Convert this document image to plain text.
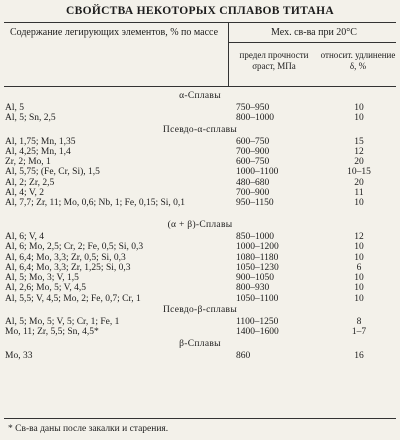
СВОЙСТВА НЕКОТОРЫХ СПЛАВОВ ТИТАНА
Содержание легирующих элементов, % по массе	Мех. св-ва при 20°С
предел прочности σраст, МПа
относит. удлинение δ, %
α-Сплавы
Al, 5	750–950	10
Al, 5; Sn, 2,5	800–1000	10
Псевдо-α-сплавы
Al, 1,75; Mn, 1,35	600–750	15
Al, 4,25; Mn, 1,4	700–900	12
Zr, 2; Mo, 1	600–750	20
Al, 5,75; (Fe, Cr, Si), 1,5	1000–1100	10–15
Al, 2; Zr, 2,5	480–680	20
Al, 4; V, 2	700–900	11
Al, 7,7; Zr, 11; Mo, 0,6; Nb, 1; Fe, 0,15; Si, 0,1	950–1150	10
(α + β)-Сплавы
Al, 6; V, 4	850–1000	12
Al, 6; Mo, 2,5; Cr, 2; Fe, 0,5; Si, 0,3	1000–1200	10
Al, 6,4; Mo, 3,3; Zr, 0,5; Si, 0,3	1080–1180	10
Al, 6,4; Mo, 3,3; Zr, 1,25; Si, 0,3	1050–1230	6
Al, 5; Mo, 3; V, 1,5	900–1050	10
Al, 2,6; Mo, 5; V, 4,5	800–930	10
Al, 5,5; V, 4,5; Mo, 2; Fe, 0,7; Cr, 1	1050–1100	10
Псевдо-β-сплавы
Al, 5; Mo, 5; V, 5; Cr, 1; Fe, 1	1100–1250	8
Mo, 11; Zr, 5,5; Sn, 4,5*	1400–1600	1–7
β-Сплавы
Mo, 33	860	16
* Св-ва даны после закалки и старения.
